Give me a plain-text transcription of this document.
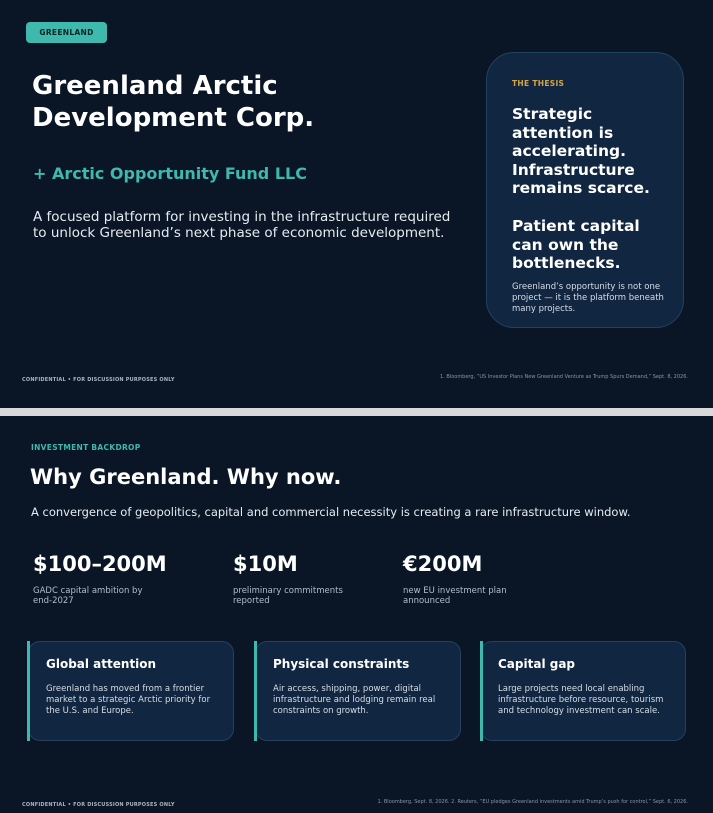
GREENLAND
Greenland Arctic Development Corp.
+ Arctic Opportunity Fund LLC
A focused platform for investing in the infrastructure required to unlock Greenland’s next phase of economic development.
THE THESIS
Strategic attention is accelerating. Infrastructure remains scarce.
Patient capital can own the bottlenecks.
Greenland’s opportunity is not one project — it is the platform beneath many projects.
CONFIDENTIAL • FOR DISCUSSION PURPOSES ONLY	1. Bloomberg, “US Investor Plans New Greenland Venture as Trump Spurs Demand,” Sept. 8, 2026.
INVESTMENT BACKDROP
Why Greenland. Why now.
A convergence of geopolitics, capital and commercial necessity is creating a rare infrastructure window.
$100–200M
GADC capital ambition by end-2027
$10M
preliminary commitments reported
€200M
new EU investment plan announced
Global attention
Greenland has moved from a frontier market to a strategic Arctic priority for the U.S. and Europe.
Physical constraints
Air access, shipping, power, digital infrastructure and lodging remain real constraints on growth.
Capital gap
Large projects need local enabling infrastructure before resource, tourism and technology investment can scale.
CONFIDENTIAL • FOR DISCUSSION PURPOSES ONLY	1. Bloomberg, Sept. 8, 2026. 2. Reuters, “EU pledges Greenland investments amid Trump’s push for control,” Sept. 6, 2026.
